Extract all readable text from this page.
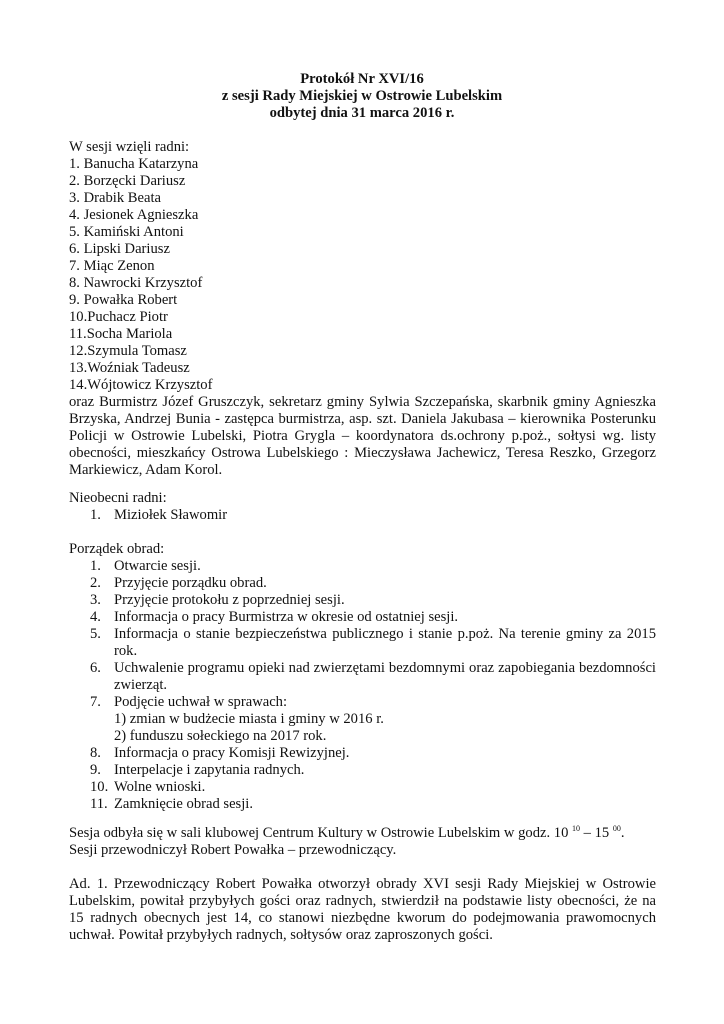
Protokół Nr XVI/16
z sesji Rady Miejskiej w Ostrowie Lubelskim
odbytej dnia 31 marca 2016 r.
W sesji wzięli radni:
1. Banucha Katarzyna
2. Borzęcki Dariusz
3. Drabik Beata
4. Jesionek Agnieszka
5. Kamiński Antoni
6. Lipski Dariusz
7. Miąc Zenon
8. Nawrocki Krzysztof
9. Powałka Robert
10.Puchacz Piotr
11.Socha Mariola
12.Szymula Tomasz
13.Woźniak Tadeusz
14.Wójtowicz Krzysztof
oraz Burmistrz Józef Gruszczyk, sekretarz gminy Sylwia Szczepańska, skarbnik gminy Agnieszka
Brzyska, Andrzej Bunia - zastępca burmistrza, asp. szt. Daniela Jakubasa – kierownika Posterunku
Policji w Ostrowie Lubelski, Piotra Grygla – koordynatora ds.ochrony p.poż., sołtysi wg. listy
obecności, mieszkańcy Ostrowa Lubelskiego : Mieczysława Jachewicz, Teresa Reszko, Grzegorz
Markiewicz, Adam Korol.
Nieobecni radni:
1. Miziołek Sławomir
Porządek obrad:
1. Otwarcie sesji.
2. Przyjęcie porządku obrad.
3. Przyjęcie protokołu z poprzedniej sesji.
4. Informacja o pracy Burmistrza w okresie od ostatniej sesji.
5. Informacja o stanie bezpieczeństwa publicznego i stanie p.poż. Na terenie gminy za 2015 rok.
6. Uchwalenie programu opieki nad zwierzętami bezdomnymi oraz zapobiegania bezdomności zwierząt.
7. Podjęcie uchwał w sprawach:
1) zmian w budżecie miasta i gminy w 2016 r.
2) funduszu sołeckiego na 2017 rok.
8. Informacja o pracy Komisji Rewizyjnej.
9. Interpelacje i zapytania radnych.
10. Wolne wnioski.
11. Zamknięcie obrad sesji.
Sesja odbyła się w sali klubowej Centrum Kultury w Ostrowie Lubelskim w godz. 10 $^{10}$ – 15 $^{00}$.
Sesji przewodniczył Robert Powałka – przewodniczący.
Ad. 1. Przewodniczący Robert Powałka otworzył obrady XVI sesji Rady Miejskiej w Ostrowie
Lubelskim, powitał przybyłych gości oraz radnych, stwierdził na podstawie listy obecności, że na
15 radnych obecnych jest 14, co stanowi niezbędne kworum do podejmowania prawomocnych
uchwał. Powitał przybyłych radnych, sołtysów oraz zaproszonych gości.
